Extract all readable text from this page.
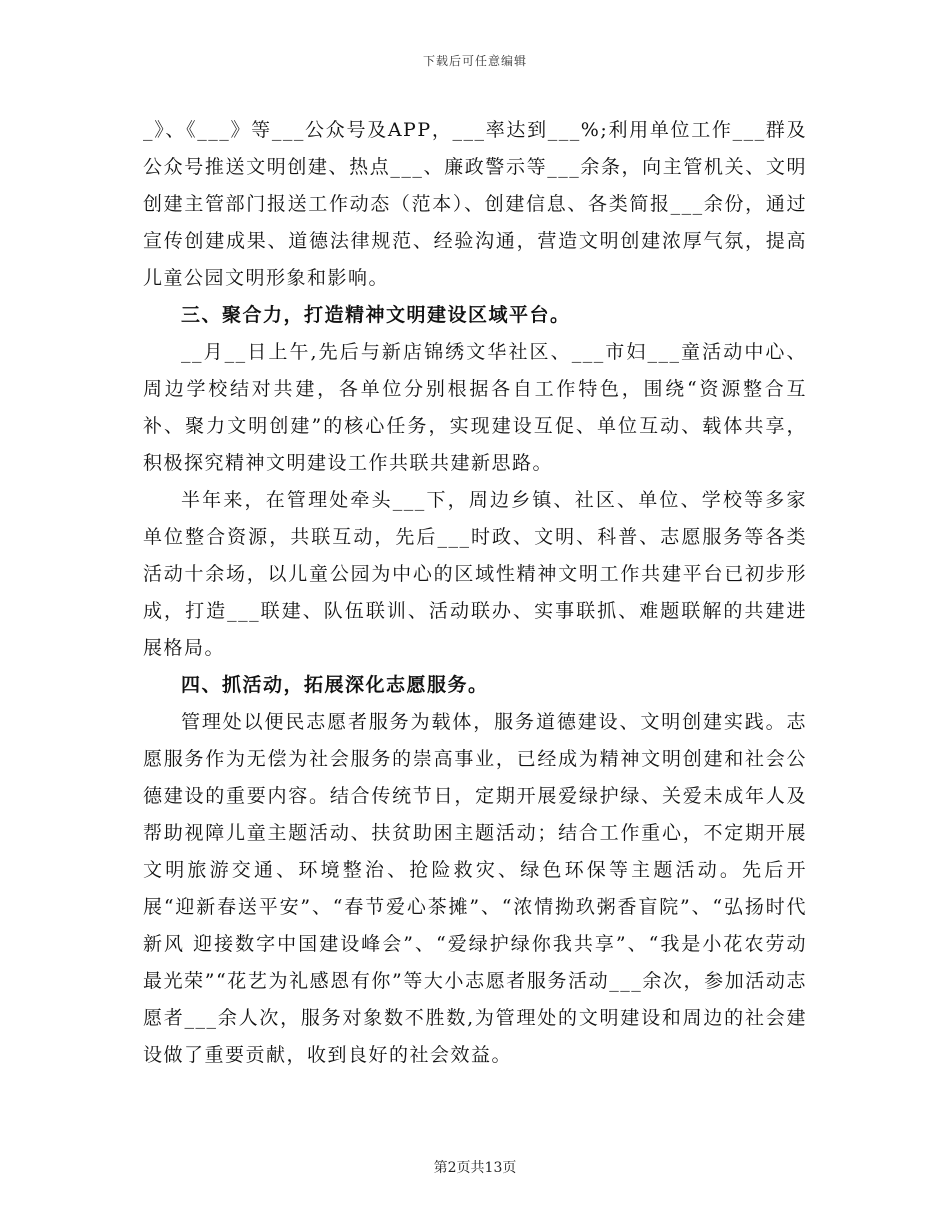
下载后可任意编辑

_》、《___》等___公众号及APP，___率达到___%;利用单位工作___群及公众号推送文明创建、热点___、廉政警示等___余条，向主管机关、文明创建主管部门报送工作动态（范本）、创建信息、各类简报___余份，通过宣传创建成果、道德法律规范、经验沟通，营造文明创建浓厚气氛，提高儿童公园文明形象和影响。

三、聚合力，打造精神文明建设区域平台。

__月__日上午,先后与新店锦绣文华社区、___市妇___童活动中心、周边学校结对共建，各单位分别根据各自工作特色，围绕“资源整合互补、聚力文明创建”的核心任务，实现建设互促、单位互动、载体共享，积极探究精神文明建设工作共联共建新思路。

半年来，在管理处牵头___下，周边乡镇、社区、单位、学校等多家单位整合资源，共联互动，先后___时政、文明、科普、志愿服务等各类活动十余场，以儿童公园为中心的区域性精神文明工作共建平台已初步形成，打造___联建、队伍联训、活动联办、实事联抓、难题联解的共建进展格局。

四、抓活动，拓展深化志愿服务。

管理处以便民志愿者服务为载体，服务道德建设、文明创建实践。志愿服务作为无偿为社会服务的崇高事业，已经成为精神文明创建和社会公德建设的重要内容。结合传统节日，定期开展爱绿护绿、关爱未成年人及帮助视障儿童主题活动、扶贫助困主题活动；结合工作重心，不定期开展文明旅游交通、环境整治、抢险救灾、绿色环保等主题活动。先后开展“迎新春送平安”、“春节爱心茶摊”、“浓情拗玖粥香盲院”、“弘扬时代新风 迎接数字中国建设峰会”、“爱绿护绿你我共享”、“我是小花农劳动最光荣”“花艺为礼感恩有你”等大小志愿者服务活动___余次，参加活动志愿者___余人次，服务对象数不胜数,为管理处的文明建设和周边的社会建设做了重要贡献，收到良好的社会效益。

第2页共13页
